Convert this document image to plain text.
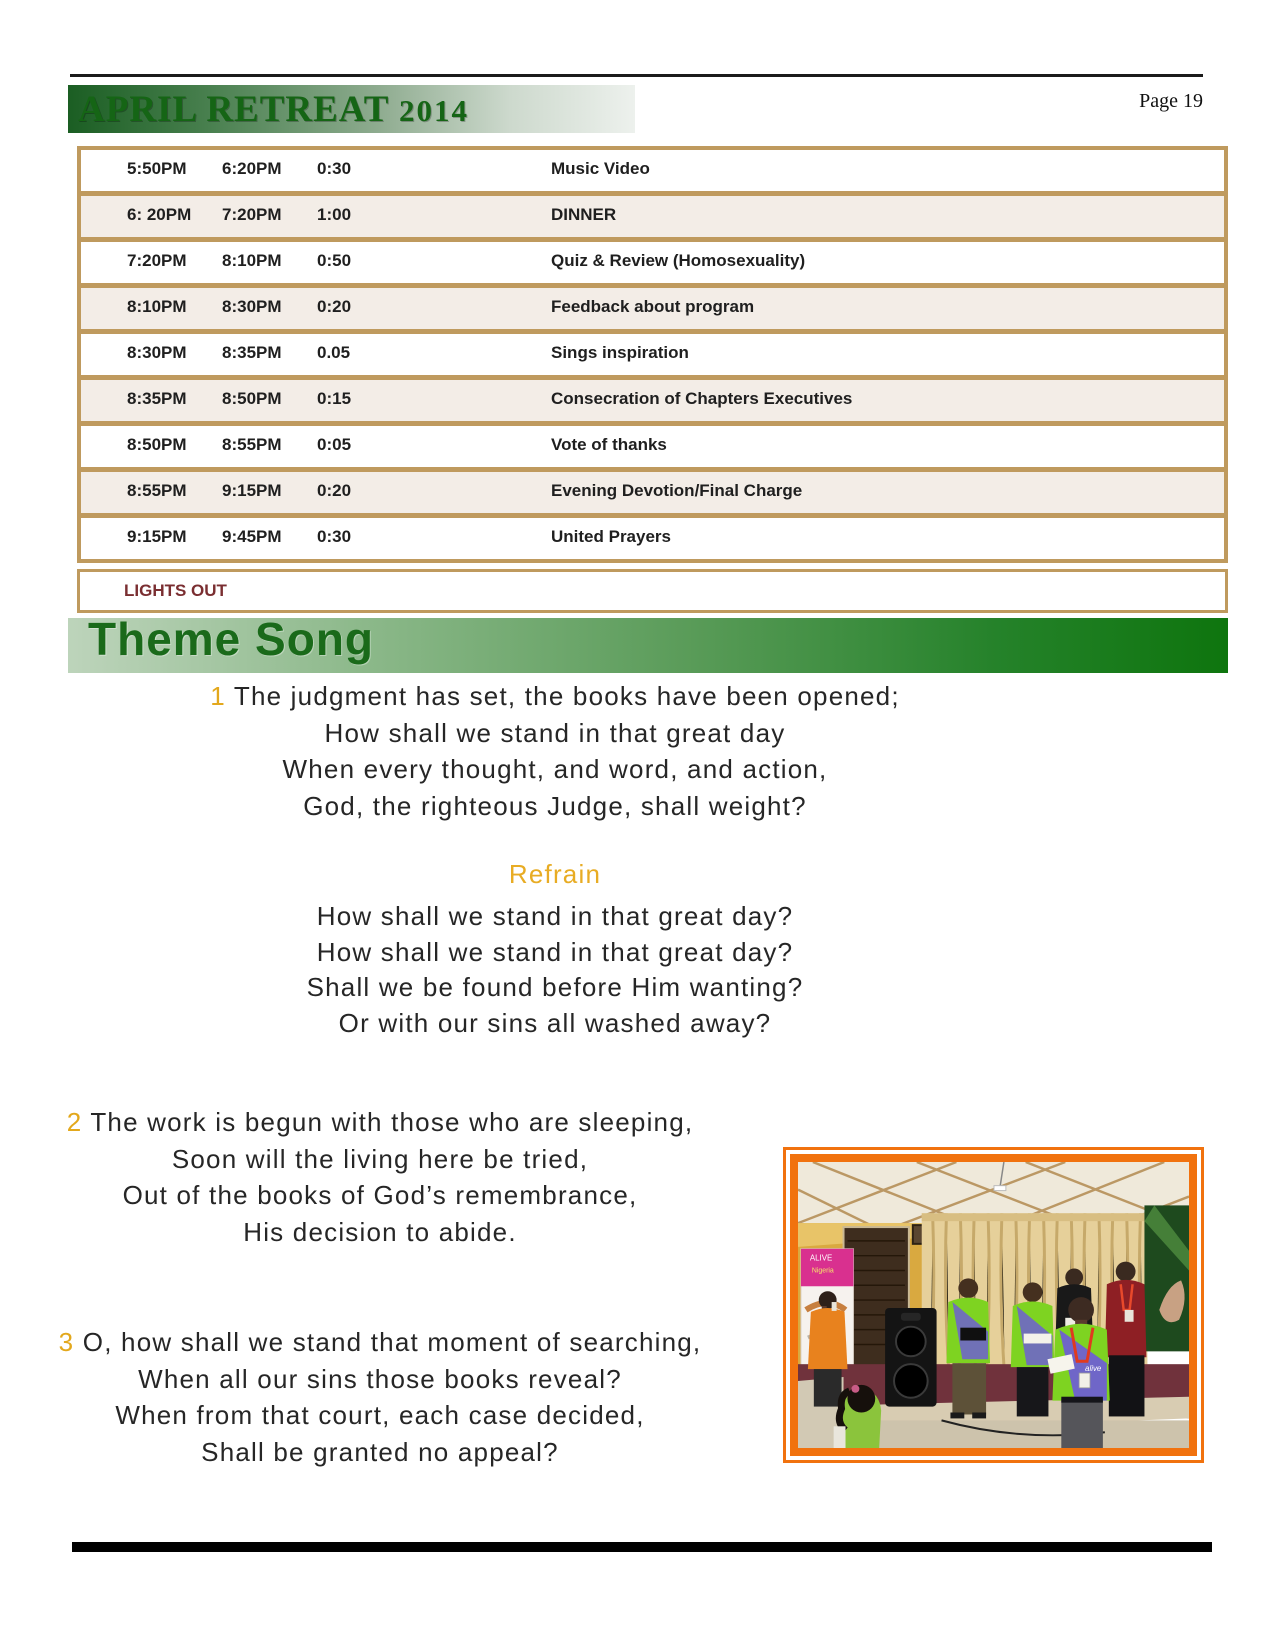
Page 19
APRIL RETREAT 2014
5:50PM 6:20PM 0:30	Music Video
6: 20PM 7:20PM 1:00	DINNER
7:20PM 8:10PM 0:50	Quiz & Review (Homosexuality)
8:10PM 8:30PM 0:20	Feedback about program
8:30PM 8:35PM 0.05	Sings inspiration
8:35PM 8:50PM 0:15	Consecration of Chapters Executives
8:50PM 8:55PM 0:05	Vote of thanks
8:55PM 9:15PM 0:20	Evening Devotion/Final Charge
9:15PM 9:45PM 0:30	United Prayers
LIGHTS OUT
Theme Song
1 The judgment has set, the books have been opened;
How shall we stand in that great day
When every thought, and word, and action,
God, the righteous Judge, shall weight?
Refrain
How shall we stand in that great day?
How shall we stand in that great day?
Shall we be found before Him wanting?
Or with our sins all washed away?
2 The work is begun with those who are sleeping,
Soon will the living here be tried,
Out of the books of God’s remembrance,
His decision to abide.
3 O, how shall we stand that moment of searching,
When all our sins those books reveal?
When from that court, each case decided,
Shall be granted no appeal?
ALIVE
Nigeria
alive
